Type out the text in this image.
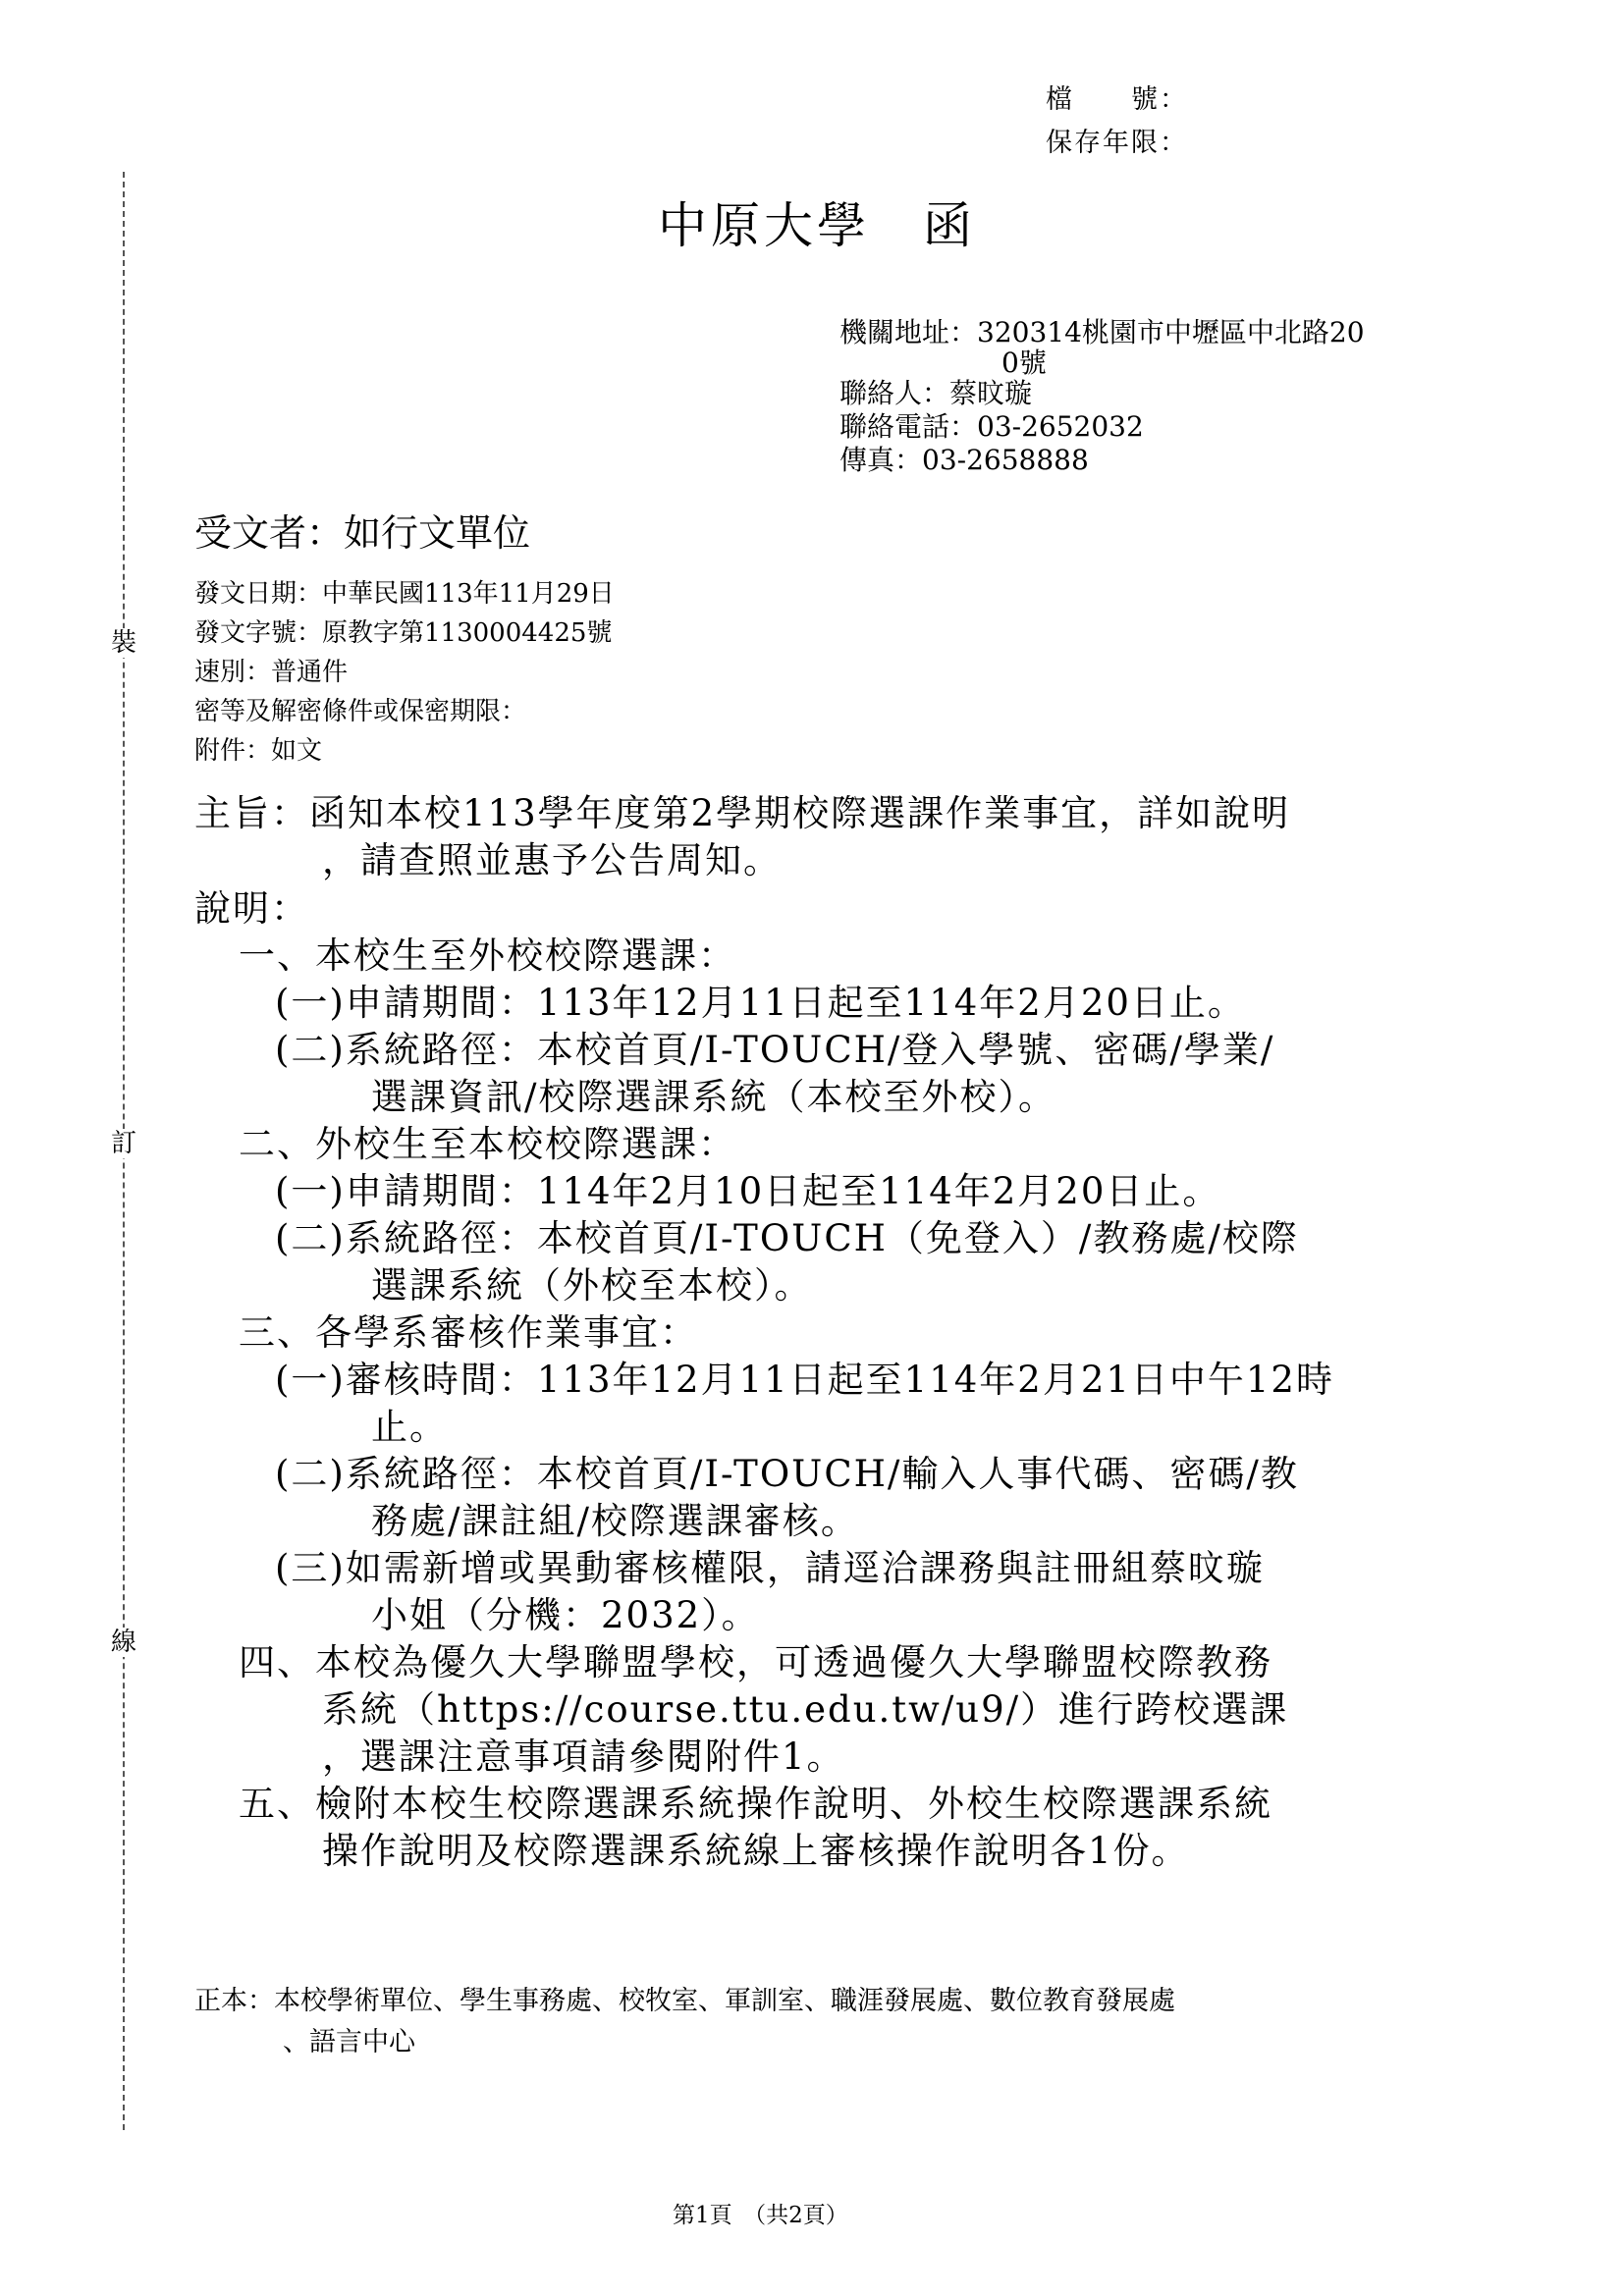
裝
訂
線
檔　　號：
保存年限：
中原大學　函
機關地址：320314桃園市中壢區中北路20
0號
聯絡人：蔡旼璇
聯絡電話：03-2652032
傳真：03-2658888
受文者：如行文單位
發文日期：中華民國113年11月29日
發文字號：原教字第1130004425號
速別：普通件
密等及解密條件或保密期限：
附件：如文
主旨：函知本校113學年度第2學期校際選課作業事宜，詳如說明
，請查照並惠予公告周知。
說明：
一、本校生至外校校際選課：
(一)申請期間：113年12月11日起至114年2月20日止。
(二)系統路徑：本校首頁/I-TOUCH/登入學號、密碼/學業/
選課資訊/校際選課系統（本校至外校）。
二、外校生至本校校際選課：
(一)申請期間：114年2月10日起至114年2月20日止。
(二)系統路徑：本校首頁/I-TOUCH（免登入）/教務處/校際
選課系統（外校至本校）。
三、各學系審核作業事宜：
(一)審核時間：113年12月11日起至114年2月21日中午12時
止。
(二)系統路徑：本校首頁/I-TOUCH/輸入人事代碼、密碼/教
務處/課註組/校際選課審核。
(三)如需新增或異動審核權限，請逕洽課務與註冊組蔡旼璇
小姐（分機：2032）。
四、本校為優久大學聯盟學校，可透過優久大學聯盟校際教務
系統（https://course.ttu.edu.tw/u9/）進行跨校選課
，選課注意事項請參閱附件1。
五、檢附本校生校際選課系統操作說明、外校生校際選課系統
操作說明及校際選課系統線上審核操作說明各1份。
正本：本校學術單位、學生事務處、校牧室、軍訓室、職涯發展處、數位教育發展處
、語言中心
第1頁　（共2頁）
